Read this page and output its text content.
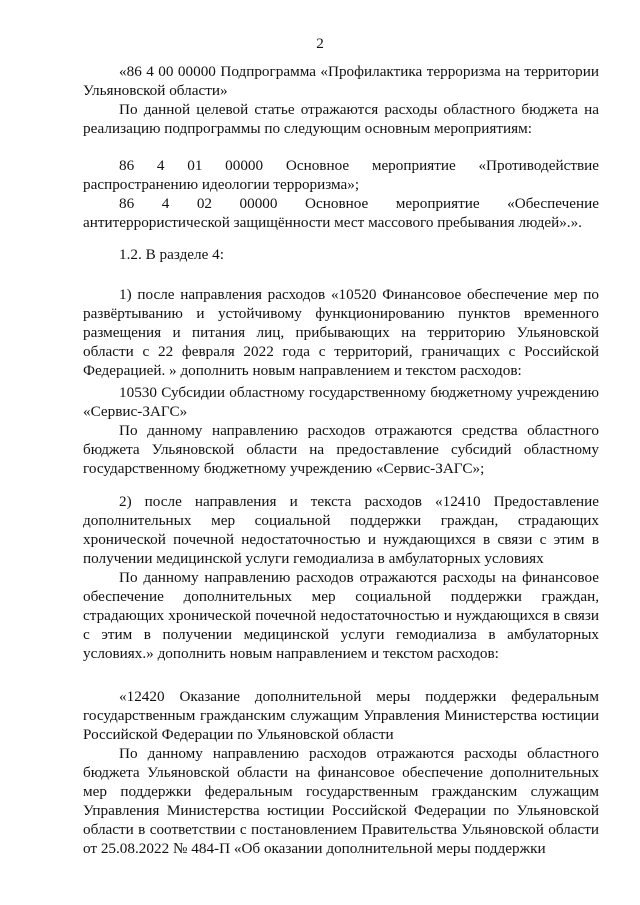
2

«86 4 00 00000 Подпрограмма «Профилактика терроризма на территории Ульяновской области»

По данной целевой статье отражаются расходы областного бюджета на реализацию подпрограммы по следующим основным мероприятиям:

86 4 01 00000 Основное мероприятие «Противодействие распространению идеологии терроризма»;

86 4 02 00000 Основное мероприятие «Обеспечение антитеррористической защищённости мест массового пребывания людей».».

1.2. В разделе 4:

1) после направления расходов «10520 Финансовое обеспечение мер по развёртыванию и устойчивому функционированию пунктов временного размещения и питания лиц, прибывающих на территорию Ульяновской области с 22 февраля 2022 года с территорий, граничащих с Российской Федерацией. » дополнить новым направлением и текстом расходов:

10530 Субсидии областному государственному бюджетному учреждению «Сервис-ЗАГС»

По данному направлению расходов отражаются средства областного бюджета Ульяновской области на предоставление субсидий областному государственному бюджетному учреждению «Сервис-ЗАГС»;

2) после направления и текста расходов «12410 Предоставление дополнительных мер социальной поддержки граждан, страдающих хронической почечной недостаточностью и нуждающихся в связи с этим в получении медицинской услуги гемодиализа в амбулаторных условиях

По данному направлению расходов отражаются расходы на финансовое обеспечение дополнительных мер социальной поддержки граждан, страдающих хронической почечной недостаточностью и нуждающихся в связи с этим в получении медицинской услуги гемодиализа в амбулаторных условиях.» дополнить новым направлением и текстом расходов:

«12420 Оказание дополнительной меры поддержки федеральным государственным гражданским служащим Управления Министерства юстиции Российской Федерации по Ульяновской области

По данному направлению расходов отражаются расходы областного бюджета Ульяновской области на финансовое обеспечение дополнительных мер поддержки федеральным государственным гражданским служащим Управления Министерства юстиции Российской Федерации по Ульяновской области в соответствии с постановлением Правительства Ульяновской области от 25.08.2022 № 484-П «Об оказании дополнительной меры поддержки
